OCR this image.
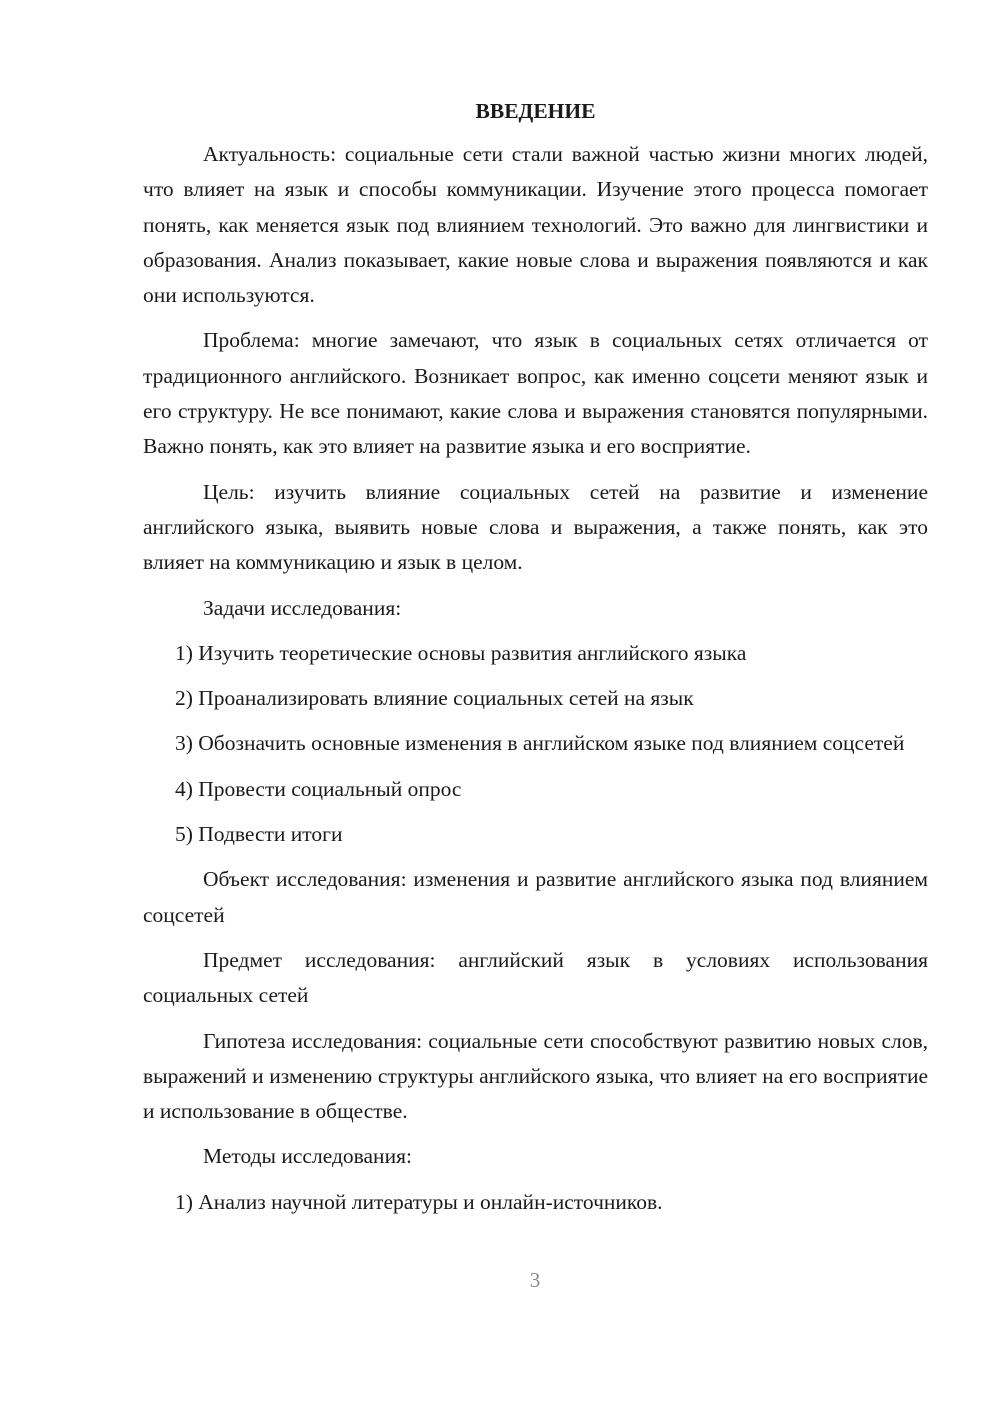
ВВЕДЕНИЕ

Актуальность: социальные сети стали важной частью жизни многих людей, что влияет на язык и способы коммуникации. Изучение этого процесса помогает понять, как меняется язык под влиянием технологий. Это важно для лингвистики и образования. Анализ показывает, какие новые слова и выражения появляются и как они используются.

Проблема: многие замечают, что язык в социальных сетях отличается от традиционного английского. Возникает вопрос, как именно соцсети меняют язык и его структуру. Не все понимают, какие слова и выражения становятся популярными. Важно понять, как это влияет на развитие языка и его восприятие.

Цель: изучить влияние социальных сетей на развитие и изменение английского языка, выявить новые слова и выражения, а также понять, как это влияет на коммуникацию и язык в целом.

Задачи исследования:

1) Изучить теоретические основы развития английского языка

2) Проанализировать влияние социальных сетей на язык

3) Обозначить основные изменения в английском языке под влиянием соцсетей

4) Провести социальный опрос

5) Подвести итоги

Объект исследования: изменения и развитие английского языка под влиянием соцсетей

Предмет исследования: английский язык в условиях использования социальных сетей

Гипотеза исследования: социальные сети способствуют развитию новых слов, выражений и изменению структуры английского языка, что влияет на его восприятие и использование в обществе.

Методы исследования:

1) Анализ научной литературы и онлайн-источников.

3
